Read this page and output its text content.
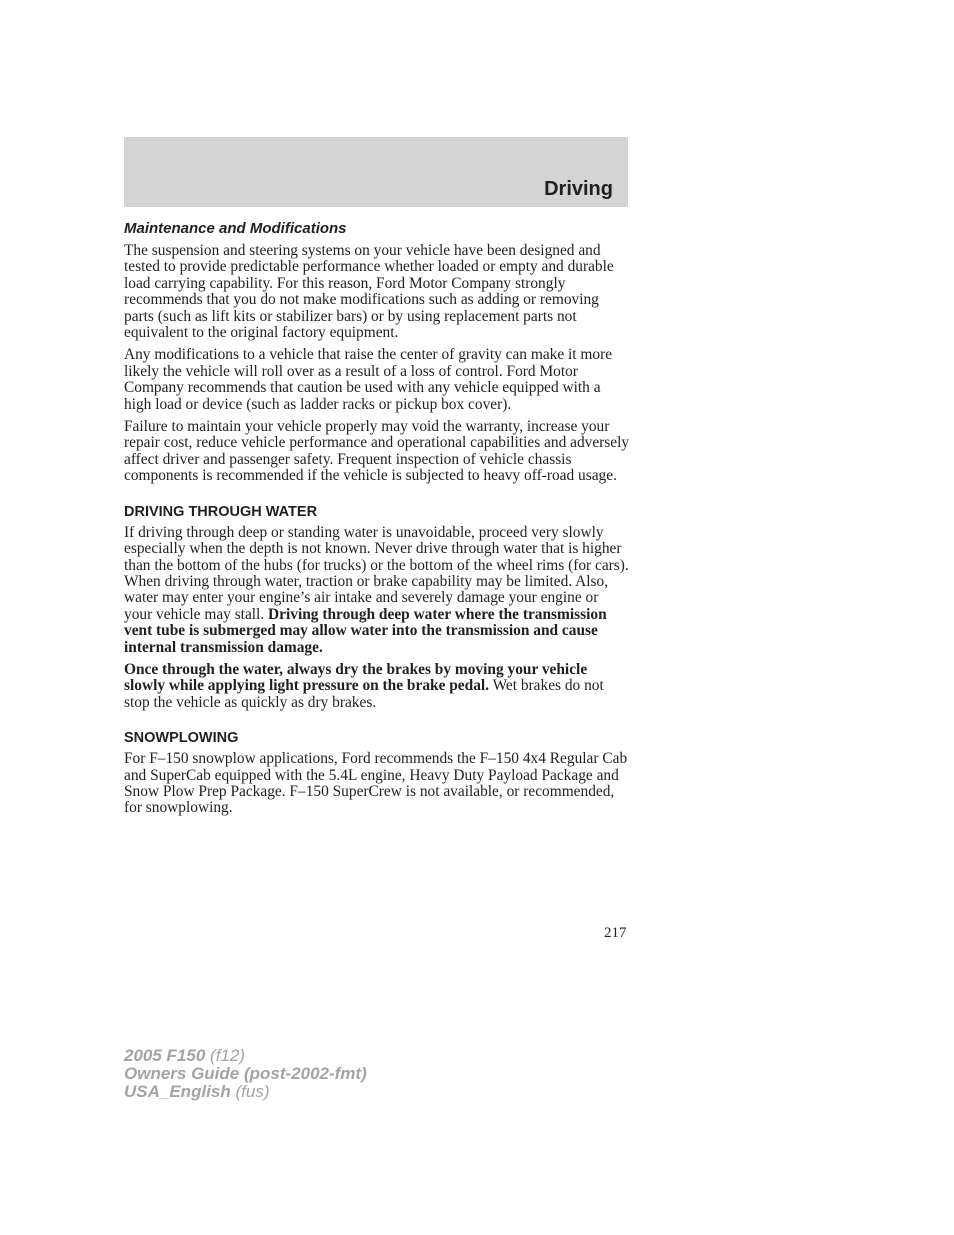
Driving
Maintenance and Modifications

The suspension and steering systems on your vehicle have been designed and tested to provide predictable performance whether loaded or empty and durable load carrying capability. For this reason, Ford Motor Company strongly recommends that you do not make modifications such as adding or removing parts (such as lift kits or stabilizer bars) or by using replacement parts not equivalent to the original factory equipment.

Any modifications to a vehicle that raise the center of gravity can make it more likely the vehicle will roll over as a result of a loss of control. Ford Motor Company recommends that caution be used with any vehicle equipped with a high load or device (such as ladder racks or pickup box cover).

Failure to maintain your vehicle properly may void the warranty, increase your repair cost, reduce vehicle performance and operational capabilities and adversely affect driver and passenger safety. Frequent inspection of vehicle chassis components is recommended if the vehicle is subjected to heavy off-road usage.

DRIVING THROUGH WATER

If driving through deep or standing water is unavoidable, proceed very slowly especially when the depth is not known. Never drive through water that is higher than the bottom of the hubs (for trucks) or the bottom of the wheel rims (for cars). When driving through water, traction or brake capability may be limited. Also, water may enter your engine’s air intake and severely damage your engine or your vehicle may stall. Driving through deep water where the transmission vent tube is submerged may allow water into the transmission and cause internal transmission damage.

Once through the water, always dry the brakes by moving your vehicle slowly while applying light pressure on the brake pedal. Wet brakes do not stop the vehicle as quickly as dry brakes.

SNOWPLOWING

For F–150 snowplow applications, Ford recommends the F–150 4x4 Regular Cab and SuperCab equipped with the 5.4L engine, Heavy Duty Payload Package and Snow Plow Prep Package. F–150 SuperCrew is not available, or recommended, for snowplowing.

217
2005 F150 (f12)
Owners Guide (post-2002-fmt)
USA_English (fus)
